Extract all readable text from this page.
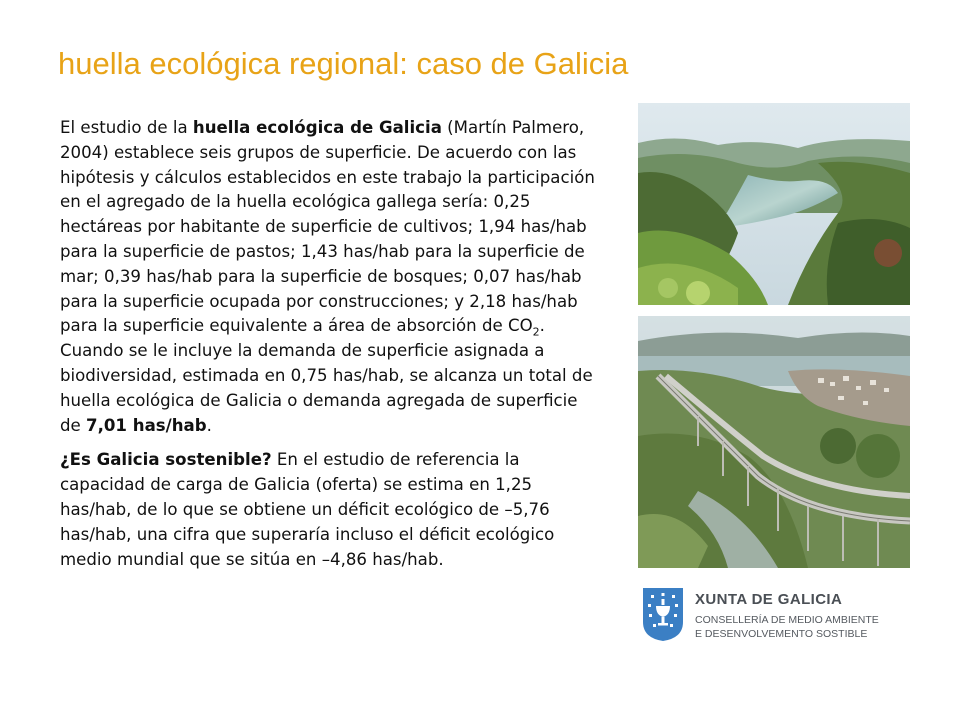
huella ecológica regional: caso de Galicia

El estudio de la huella ecológica de Galicia (Martín Palmero, 2004) establece seis grupos de superficie. De acuerdo con las hipótesis y cálculos establecidos en este trabajo la participación en el agregado de la huella ecológica gallega sería: 0,25 hectáreas por habitante de superficie de cultivos; 1,94 has/hab para la superficie de pastos; 1,43 has/hab para la superficie de mar; 0,39 has/hab para la superficie de bosques; 0,07 has/hab para la superficie ocupada por construcciones; y 2,18 has/hab para la superficie equivalente a área de absorción de $CO_2$. Cuando se le incluye la demanda de superficie asignada a biodiversidad, estimada en 0,75 has/hab, se alcanza un total de huella ecológica de Galicia o demanda agregada de superficie de 7,01 has/hab.

¿Es Galicia sostenible? En el estudio de referencia la capacidad de carga de Galicia (oferta) se estima en 1,25 has/hab, de lo que se obtiene un déficit ecológico de –5,76 has/hab, una cifra que superaría incluso el déficit ecológico medio mundial que se sitúa en –4,86 has/hab.

XUNTA DE GALICIA
CONSELLERÍA DE MEDIO AMBIENTE
E DESENVOLVEMENTO SOSTIBLE
